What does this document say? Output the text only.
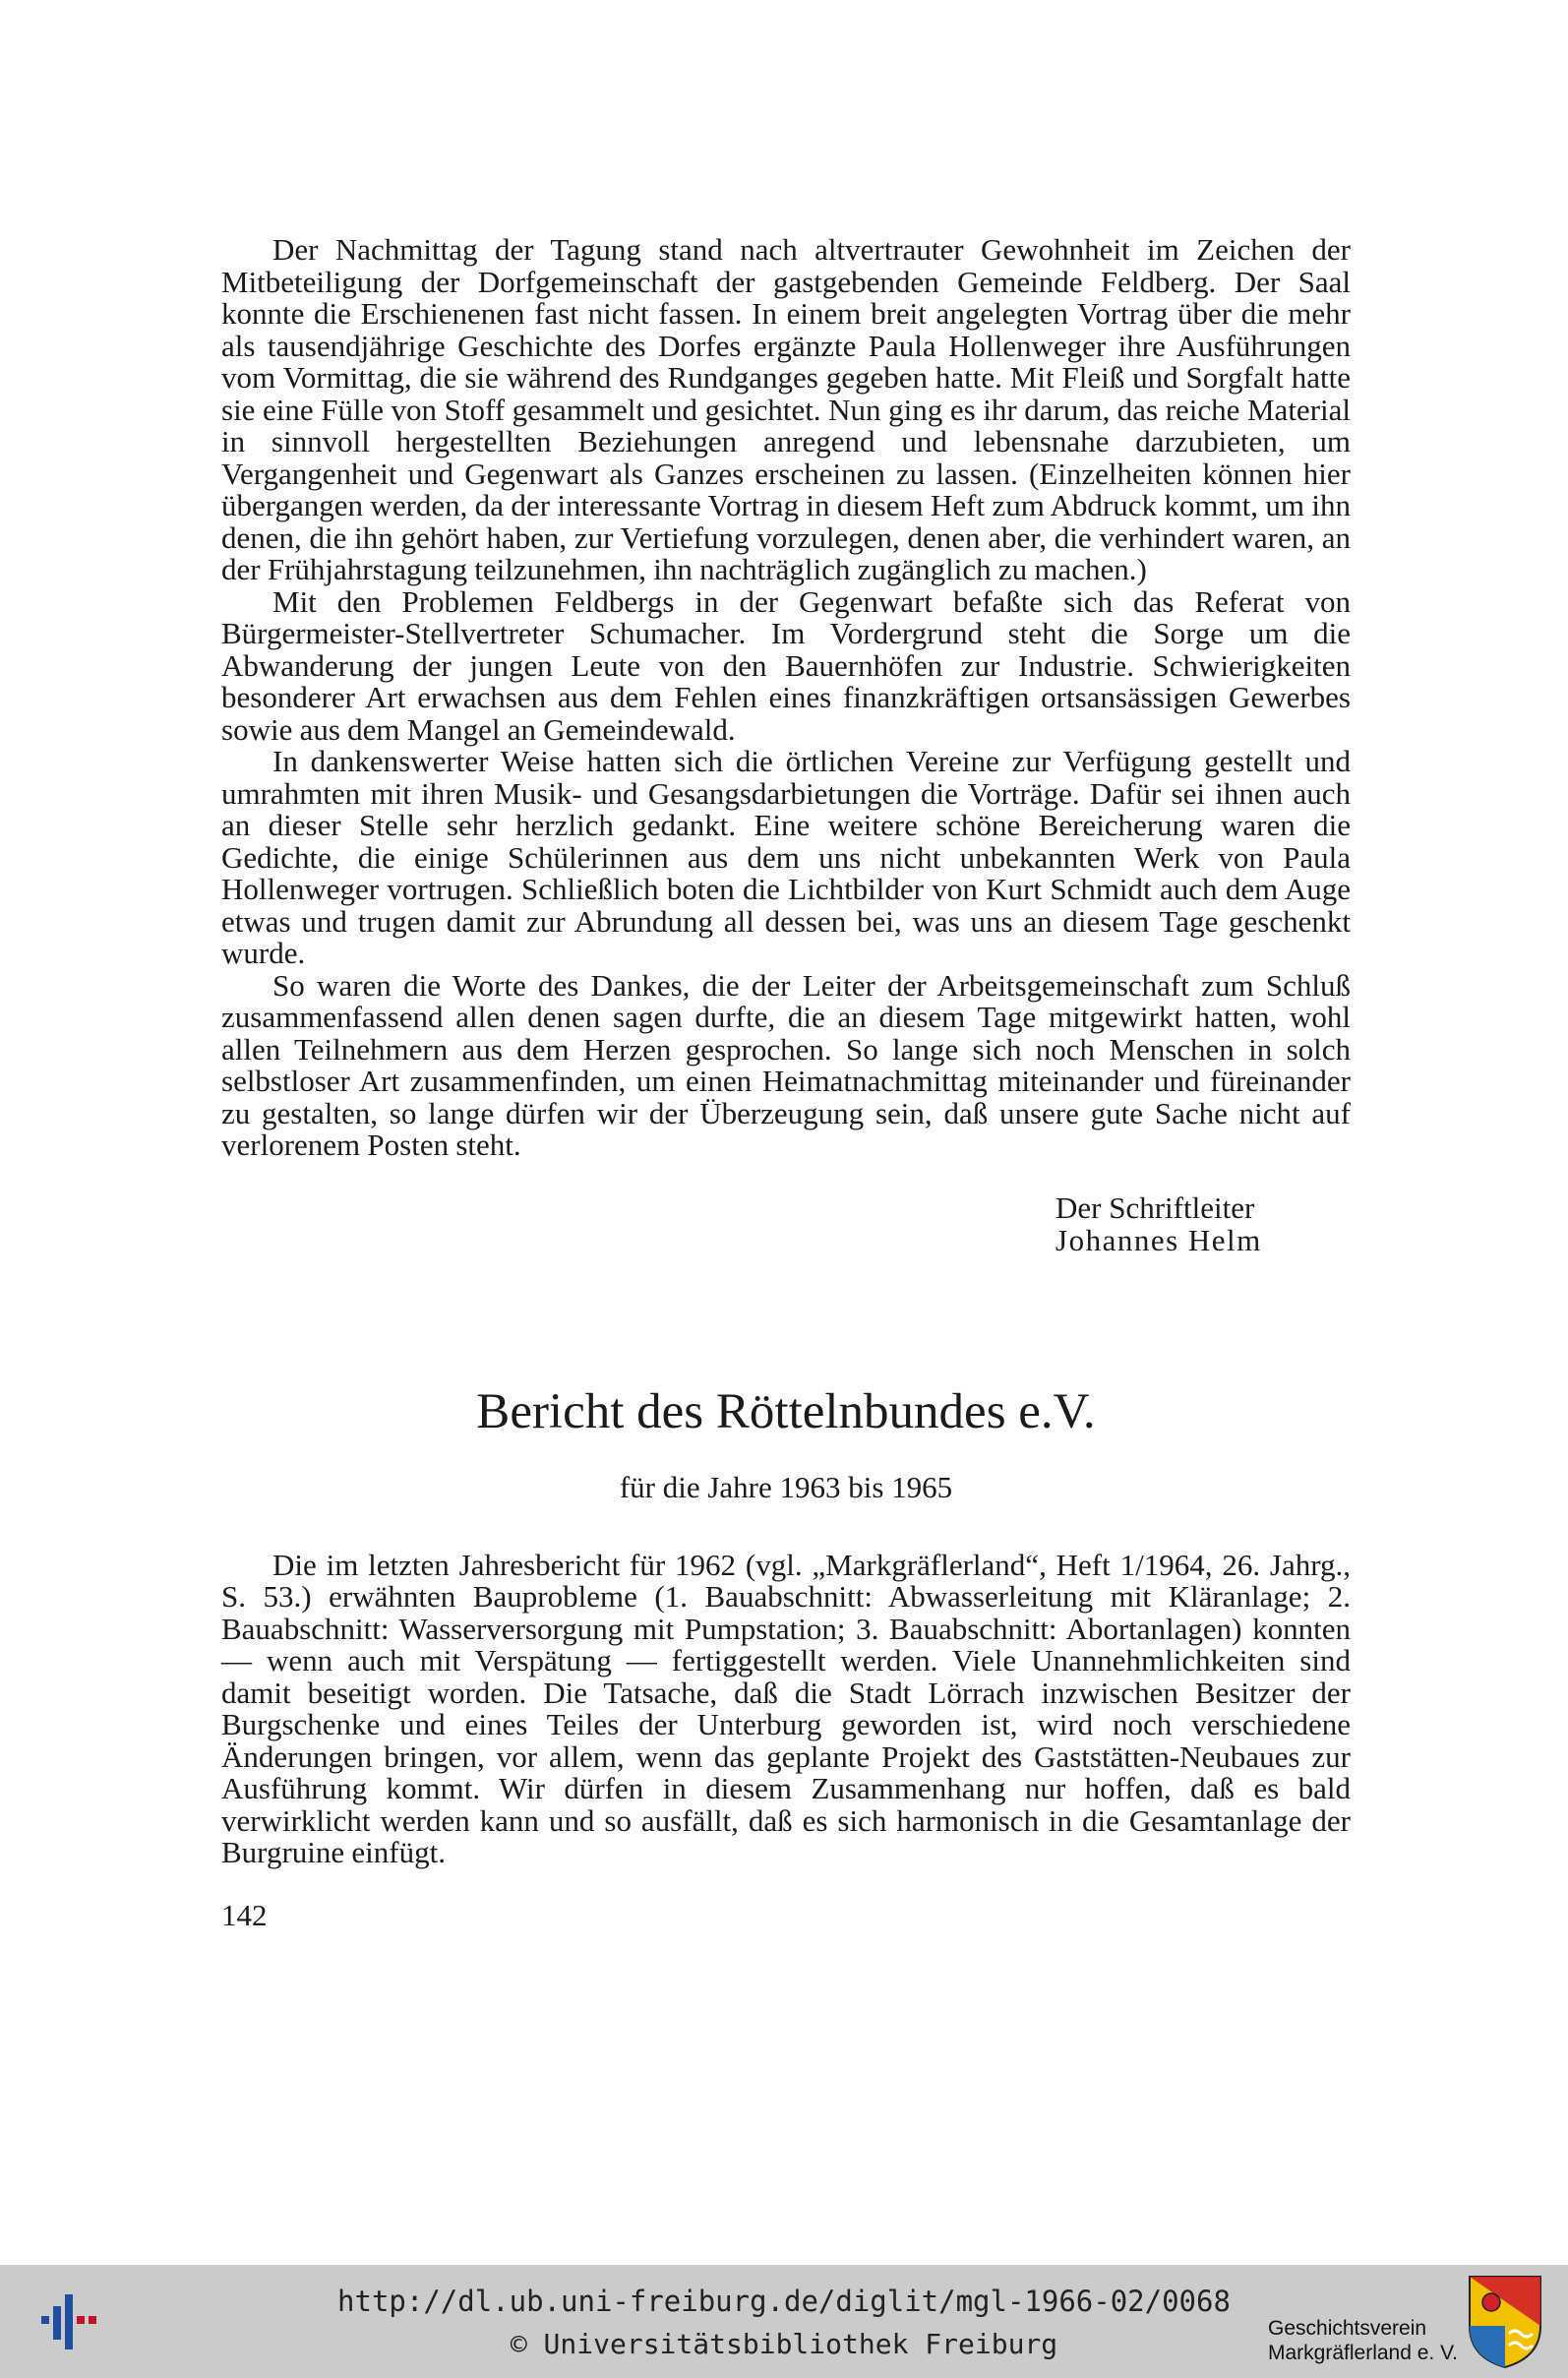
Der Nachmittag der Tagung stand nach altvertrauter Gewohnheit im Zeichen der Mitbeteiligung der Dorfgemeinschaft der gastgebenden Gemeinde Feldberg. Der Saal konnte die Erschienenen fast nicht fassen. In einem breit angelegten Vortrag über die mehr als tausendjährige Geschichte des Dorfes ergänzte Paula Hollenweger ihre Ausführungen vom Vormittag, die sie während des Rundganges gegeben hatte. Mit Fleiß und Sorgfalt hatte sie eine Fülle von Stoff gesammelt und gesichtet. Nun ging es ihr darum, das reiche Material in sinnvoll hergestellten Beziehungen anregend und lebensnahe darzubieten, um Vergangenheit und Gegenwart als Ganzes erscheinen zu lassen. (Einzelheiten können hier übergangen werden, da der interessante Vortrag in diesem Heft zum Abdruck kommt, um ihn denen, die ihn gehört haben, zur Vertiefung vorzulegen, denen aber, die verhindert waren, an der Frühjahrstagung teilzunehmen, ihn nachträglich zugänglich zu machen.)

Mit den Problemen Feldbergs in der Gegenwart befaßte sich das Referat von Bürgermeister-Stellvertreter Schumacher. Im Vordergrund steht die Sorge um die Abwanderung der jungen Leute von den Bauernhöfen zur Industrie. Schwierigkeiten besonderer Art erwachsen aus dem Fehlen eines finanzkräftigen ortsansässigen Gewerbes sowie aus dem Mangel an Gemeindewald.

In dankenswerter Weise hatten sich die örtlichen Vereine zur Verfügung gestellt und umrahmten mit ihren Musik- und Gesangsdarbietungen die Vorträge. Dafür sei ihnen auch an dieser Stelle sehr herzlich gedankt. Eine weitere schöne Bereicherung waren die Gedichte, die einige Schülerinnen aus dem uns nicht unbekannten Werk von Paula Hollenweger vortrugen. Schließlich boten die Lichtbilder von Kurt Schmidt auch dem Auge etwas und trugen damit zur Abrundung all dessen bei, was uns an diesem Tage geschenkt wurde.

So waren die Worte des Dankes, die der Leiter der Arbeitsgemeinschaft zum Schluß zusammenfassend allen denen sagen durfte, die an diesem Tage mitgewirkt hatten, wohl allen Teilnehmern aus dem Herzen gesprochen. So lange sich noch Menschen in solch selbstloser Art zusammenfinden, um einen Heimatnachmittag miteinander und füreinander zu gestalten, so lange dürfen wir der Überzeugung sein, daß unsere gute Sache nicht auf verlorenem Posten steht.

Der Schriftleiter
Johannes Helm
Bericht des Röttelnbundes e.V.
für die Jahre 1963 bis 1965

Die im letzten Jahresbericht für 1962 (vgl. „Markgräflerland“, Heft 1/1964, 26. Jahrg., S. 53.) erwähnten Bauprobleme (1. Bauabschnitt: Abwasserleitung mit Kläranlage; 2. Bauabschnitt: Wasserversorgung mit Pumpstation; 3. Bauabschnitt: Abortanlagen) konnten — wenn auch mit Verspätung — fertiggestellt werden. Viele Unannehmlichkeiten sind damit beseitigt worden. Die Tatsache, daß die Stadt Lörrach inzwischen Besitzer der Burgschenke und eines Teiles der Unterburg geworden ist, wird noch verschiedene Änderungen bringen, vor allem, wenn das geplante Projekt des Gaststätten-Neubaues zur Ausführung kommt. Wir dürfen in diesem Zusammenhang nur hoffen, daß es bald verwirklicht werden kann und so ausfällt, daß es sich harmonisch in die Gesamtanlage der Burgruine einfügt.

142
http://dl.ub.uni-freiburg.de/diglit/mgl-1966-02/0068
© Universitätsbibliothek Freiburg	Geschichtsverein
Markgräflerland e. V.
